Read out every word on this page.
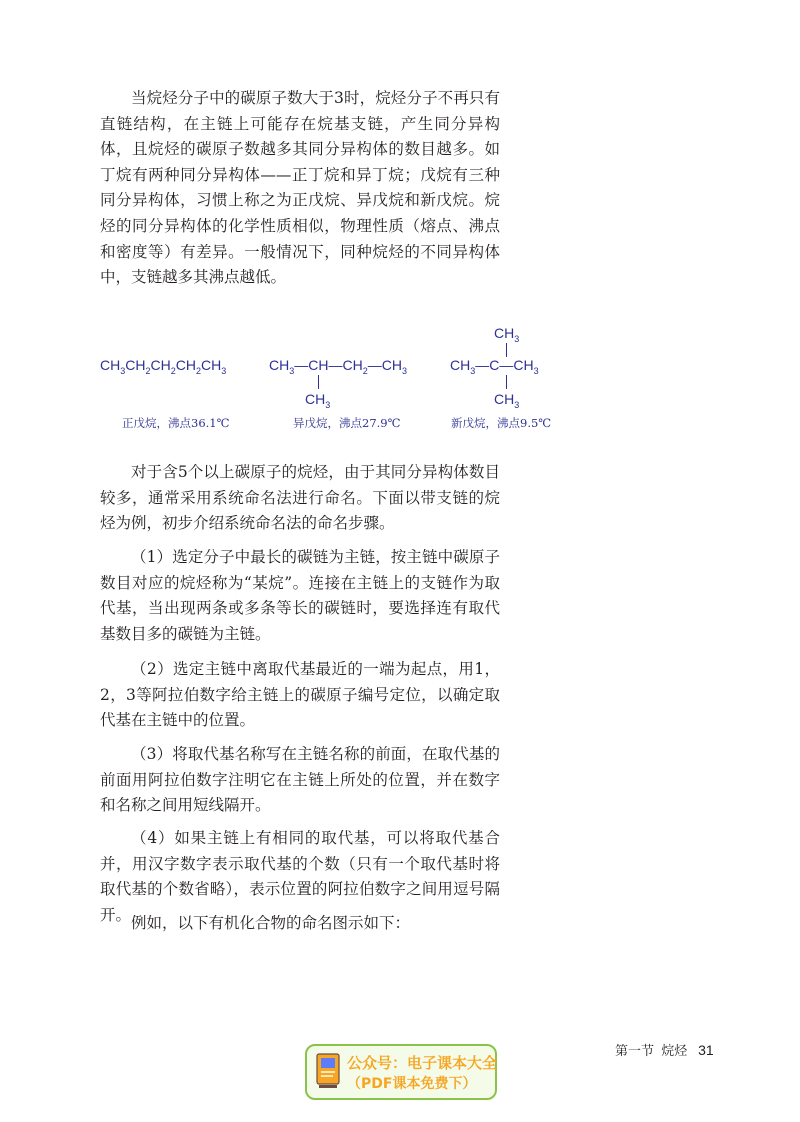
当烷烃分子中的碳原子数大于3时，烷烃分子不再只有直链结构，在主链上可能存在烷基支链，产生同分异构体，且烷烃的碳原子数越多其同分异构体的数目越多。如丁烷有两种同分异构体——正丁烷和异丁烷；戊烷有三种同分异构体，习惯上称之为正戊烷、异戊烷和新戊烷。烷烃的同分异构体的化学性质相似，物理性质（熔点、沸点和密度等）有差异。一般情况下，同种烷烃的不同异构体中，支链越多其沸点越低。
$CH_3CH_2CH_2CH_2CH_3$
正戊烷，沸点36.1℃
$CH_3—CH—CH_2—CH_3$
$CH_3$
异戊烷，沸点27.9℃
$CH_3$
$CH_3—C—CH_3$
$CH_3$
新戊烷，沸点9.5℃
对于含5个以上碳原子的烷烃，由于其同分异构体数目较多，通常采用系统命名法进行命名。下面以带支链的烷烃为例，初步介绍系统命名法的命名步骤。
（1）选定分子中最长的碳链为主链，按主链中碳原子数目对应的烷烃称为“某烷”。连接在主链上的支链作为取代基，当出现两条或多条等长的碳链时，要选择连有取代基数目多的碳链为主链。
（2）选定主链中离取代基最近的一端为起点，用1，2，3等阿拉伯数字给主链上的碳原子编号定位，以确定取代基在主链中的位置。
（3）将取代基名称写在主链名称的前面，在取代基的前面用阿拉伯数字注明它在主链上所处的位置，并在数字和名称之间用短线隔开。
（4）如果主链上有相同的取代基，可以将取代基合并，用汉字数字表示取代基的个数（只有一个取代基时将取代基的个数省略），表示位置的阿拉伯数字之间用逗号隔开。 例如，以下有机化合物的命名图示如下：
第一节 烷烃 31
公众号：电子课本大全
（PDF课本免费下）
